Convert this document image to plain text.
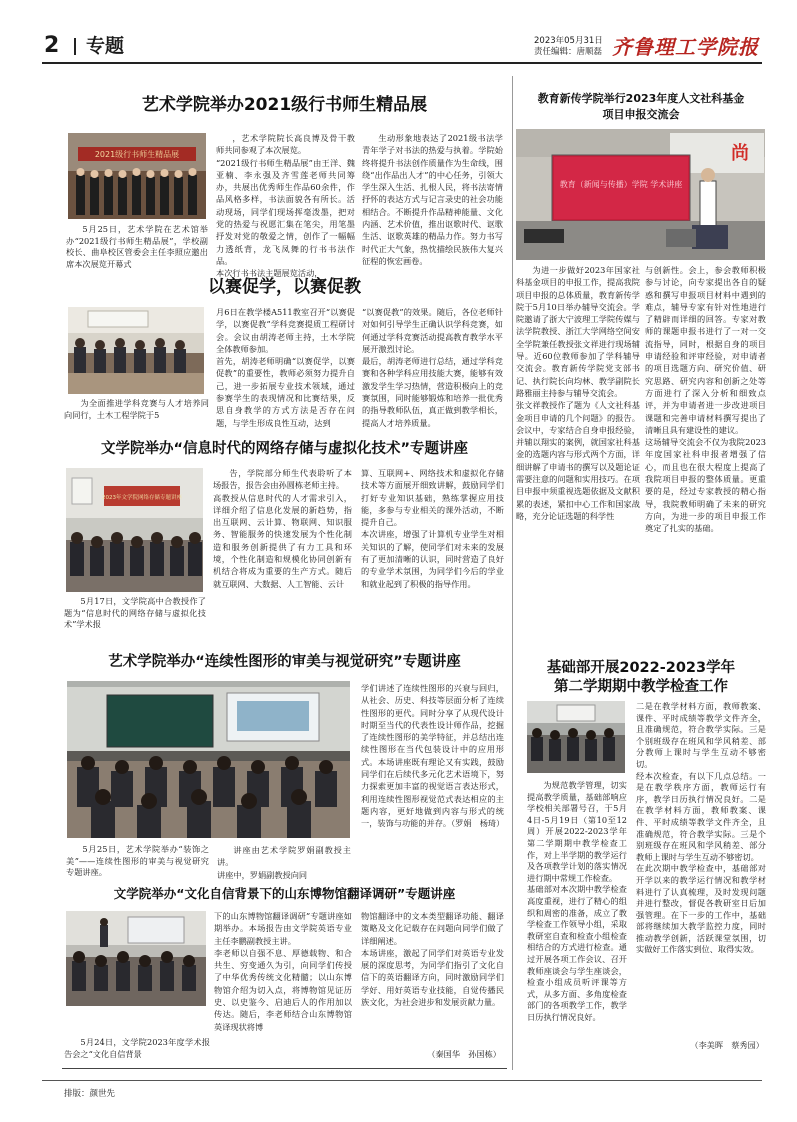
2 专题	2023年05月31日
责任编辑：唐顺磊 齐鲁理工学院报
艺术学院举办2021级行书师生精品展
2021级行书师生精品展

5月25日，艺术学院在艺术馆举办“2021级行书师生精品展”，学校副校长、曲阜校区管委会主任李照应邀出席本次展览开幕式

，艺术学院院长高良博及骨干教师共同参观了本次展览。
“2021级行书师生精品展”由王洋、魏亚楠、李永强及齐雪莲老师共同筹办，共展出优秀师生作品60余件，作品风格多样，书法面貌各有所长。活动现场，同学们现场挥毫泼墨，把对党的热爱与祝愿汇集在笔尖，用笔墨抒发对党的敬爱之情，创作了一幅幅力透纸背，龙飞凤舞的行书书法作品。
本次行书书法主题展览活动，

生动形象地表达了2021级书法学青年学子对书法的热爱与执着。学院始终将提升书法创作质量作为生命线，围绕“出作品出人才”的中心任务，引领大学生深入生活、扎根人民，将书法寄情抒怀的表达方式与记言录史的社会功能相结合。不断提升作品精神能量、文化内涵、艺术价值，推出讴歌时代、讴歌生活、讴歌英雄的精品力作。努力书写时代正大气象，热忱描绘民族伟大复兴征程的恢宏画卷。

以赛促学，以赛促教

为全面推进学科竞赛与人才培养同向同行，土木工程学院于5

月6日在教学楼A511教室召开“以赛促学，以赛促教”学科竞赛提质工程研讨会。会议由胡涛老师主持，土木学院全体教师参加。
首先，胡涛老师明确“以赛促学，以赛促教”的重要性，教师必须努力提升自己，进一步拓展专业技术领域，通过参赛学生的表现情况和比赛结果，反思自身教学的方式方法是否存在问题，与学生形成良性互动，达到

“以赛促教”的效果。随后，各位老师针对如何引导学生正确认识学科竞赛，如何通过学科竞赛活动提高教育教学水平展开激烈讨论。
最后，胡涛老师进行总结，通过学科竞赛和各种学科应用技能大赛，能够有效激发学生学习热情，营造积极向上的竞赛氛围，同时能够锻炼和培养一批优秀的指导教师队伍，真正做到教学相长，提高人才培养质量。

文学院举办“信息时代的网络存储与虚拟化技术”专题讲座
2023年文学院网络存储专题讲座

5月17日，文学院高中合教授作了题为“信息时代的网络存储与虚拟化技术”学术报

告，学院部分师生代表聆听了本场报告，报告会由孙圆栋老师主持。
高教授从信息时代的人才需求引入，详细介绍了信息化发展的新趋势，指出互联网、云计算、物联网、知识服务、智能服务的快速发展为个性化制造和服务创新提供了有力工具和环境，个性化制造和规模化协同创新有机结合将成为重要的生产方式。随后就互联网、大数据、人工智能、云计

算、互联网+、网络技术和虚拟化存储技术等方面展开细致讲解，鼓励同学们打好专业知识基础，熟练掌握应用技能，多参与专业相关的课外活动，不断提升自己。
本次讲座，增强了计算机专业学生对相关知识的了解，使同学们对未来的发展有了更加清晰的认识，同时营造了良好的专业学术氛围，为同学们今后的学业和就业起到了积极的指导作用。

艺术学院举办“连续性图形的审美与视觉研究”专题讲座

5月25日，艺术学院举办“装饰之美”——连续性图形的审美与视觉研究专题讲座。

讲座由艺术学院罗娟副教授主讲。
讲座中，罗娟副教授向同

学们讲述了连续性图形的兴衰与回归，从社会、历史、科技等层面分析了连续性图形的更代。同时分享了从现代设计时期至当代的代表性设计师作品，挖掘了连续性图形的美学特征，并总结出连续性图形在当代包装设计中的应用形式。本场讲座既有理论又有实践，鼓励同学们在后续代多元化艺术语境下，努力探索更加丰富的视觉语言表达形式，利用连续性图形视觉范式表达相应的主题内容，更好地做到内容与形式的统一，装饰与功能的并存。（罗娟　杨琦）

文学院举办“文化自信背景下的山东博物馆翻译调研”专题讲座

5月24日，文学院2023年度学术报告会之“文化自信背景

下的山东博物馆翻译调研”专题讲座如期举办。本场报告由文学院英语专业主任李鹏副教授主讲。
李老师以自强不息、厚德载物、和合共生、穷变通久为引，向同学们传授了中华优秀传统文化精髓；以山东博物馆介绍为切入点，将博物馆见证历史、以史鉴今、启迪后人的作用加以传达。随后，李老师结合山东博物馆英译现状将博

物馆翻译中的文本类型翻译功能、翻译策略及文化记载存在问题向同学们做了详细阐述。
本场讲座，激起了同学们对英语专业发展的深度思考，为同学们指引了文化自信下的英语翻译方向，同时激励同学们学好、用好英语专业技能，自觉传播民族文化，为社会进步和发展贡献力量。

（秦国华　孙国栋）
教育新传学院举行2023年度人文社科基金
项目申报交流会
尚
教育（新闻与传播）学院 学术讲座

为进一步做好2023年国家社科基金项目的申报工作，提高我院项目申报的总体质量，教育新传学院于5月10日举办辅导交流会。学院邀请了浙大宁波理工学院传媒与法学院教授、浙江大学网络空间安全学院兼任教授张文祥进行现场辅导。近60位教师参加了学科辅导交流会。教育新传学院党支部书记、执行院长向均林、教学副院长路雅丽主持参与辅导交流会。
张文祥教授作了题为《人文社科基金项目申请的几个问题》的报告。会议中，专家结合自身申报经验，并辅以翔实的案例，就国家社科基金的选题内容与形式两个方面，详细讲解了申请书的撰写以及题论证需要注意的问题和实用技巧。在项目申报中须重视选题依据及文献积累的表述，紧扣中心工作和国家战略，充分论证选题的科学性

与创新性。会上，参会教师积极参与讨论，向专家提出各自的疑惑和撰写申报项目材料中遇到的难点，辅导专家有针对性地进行了精辟而详细的回答。专家对教师的课题申报书进行了一对一交流指导，同时，根据自身的项目申请经验和评审经验，对申请者的项目选题方向、研究价值、研究思路、研究内容和创新之处等方面进行了深入分析和细致点评，并为申请者进一步改进项目课题和完善申请材料撰写提出了清晰且具有建设性的建议。
这场辅导交流会不仅为我院2023年度国家社科申报者增强了信心，而且也在很大程度上提高了我院项目申报的整体质量。更重要的是，经过专家教授的精心指导，我院教师明确了未来的研究方向，为进一步的项目申报工作奠定了扎实的基础。

基础部开展2022-2023学年
第二学期期中教学检查工作

为规范教学管理，切实提高教学质量，基础部响应学校相关部署号召，于5月4日-5月19日（第10至12周）开展2022-2023学年第二学期期中教学检查工作，对上半学期的教学运行及各项教学计划的落实情况进行期中常规工作检查。
基础部对本次期中教学检查高度重视，进行了精心的组织和周密的准备，成立了教学检查工作领导小组，采取教研室自查和检查小组检查相结合的方式进行检查。通过开展各项工作会议、召开教师座谈会与学生座谈会，检查小组成员听评课等方式，从多方面、多角度检查部门的各项教学工作，教学日历执行情况良好。

二是在教学材料方面，教师教案、课件、平时成绩等教学文件齐全，且准确规范，符合教学实际。三是个别班级存在班风和学风稍差、部分教师上课时与学生互动不够密切。
经本次检查，有以下几点总结。一是在教学秩序方面，教师运行有序，教学日历执行情况良好。二是在教学材料方面，教师教案、课件、平时成绩等教学文件齐全，且准确规范，符合教学实际。三是个别班级存在班风和学风稍差、部分教师上课时与学生互动不够密切。
在此次期中教学检查中，基础部对开学以来的教学运行情况和教学材料进行了认真梳理，及时发现问题并进行整改，督促各教研室日后加强管理。在下一步的工作中，基础部将继续加大教学监控力度，同时推动教学创新，活跃课堂氛围，切实做好工作落实到位、取得实效。

（李美晖　蔡秀园）
排版：颜世先
